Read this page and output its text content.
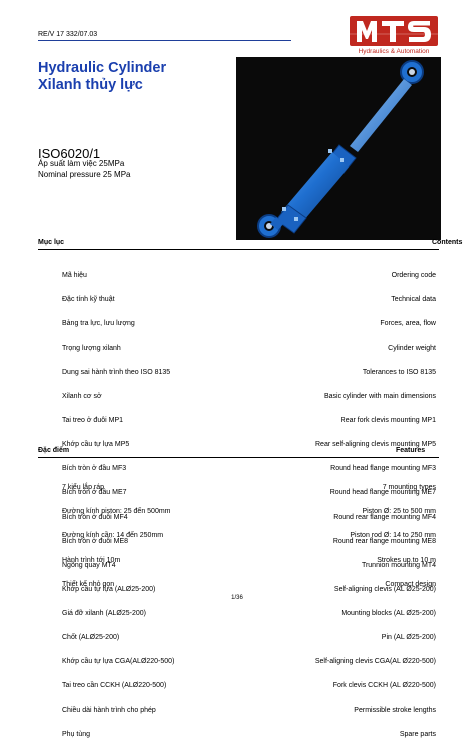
RE/V 17 332/07.03
Hydraulics & Automation
Hydraulic Cylinder
Xilanh thủy lực
ISO6020/1
Áp suất làm việc 25MPa
Nominal pressure 25 MPa
Mục lục	Contents

Mã hiệu

Đặc tính kỹ thuật

Bảng tra lực, lưu lượng

Trọng lượng xilanh

Dung sai hành trình theo ISO 8135

Xilanh cơ sở

Tai treo ở đuôi MP1

Khớp cầu tự lựa MP5

Bích tròn ở đầu MF3

Bích tròn ở đầu ME7

Bích tròn ở đuôi MF4

Bích tròn ở đuôi ME8

Ngõng quay MT4

Khớp cầu tự lựa (ALØ25-200)

Giá đỡ xilanh (ALØ25-200)

Chốt (ALØ25-200)

Khớp cầu tự lựa CGA(ALØ220-500)

Tai treo cần CCKH (ALØ220-500)

Chiều dài hành trình cho phép

Phụ tùng

Ordering code

Technical data

Forces, area, flow

Cylinder weight

Tolerances to ISO 8135

Basic cylinder with main dimensions

Rear fork clevis mounting MP1

Rear self-aligning clevis mounting MP5

Round head flange mounting MF3

Round head flange mounting ME7

Round rear flange mounting MF4

Round rear flange mounting ME8

Trunnion mounting MT4

Self-aligning clevis (AL Ø25-200)

Mounting blocks (AL Ø25-200)

Pin (AL Ø25-200)

Self-aligning clevis CGA(AL Ø220-500)

Fork clevis CCKH (AL Ø220-500)

Permissible stroke lengths

Spare parts

Đặc điểm	Features

7 kiểu lắp ráp

Đường kính piston: 25 đến 500mm

Đường kính cần: 14 đến 250mm

Hành trình tới 10m

Thiết kế nhỏ gọn

7 mounting types

Piston Ø: 25 to 500 mm

Piston rod Ø: 14 to 250 mm

Strokes up to 10 m

Compact design

1/36
